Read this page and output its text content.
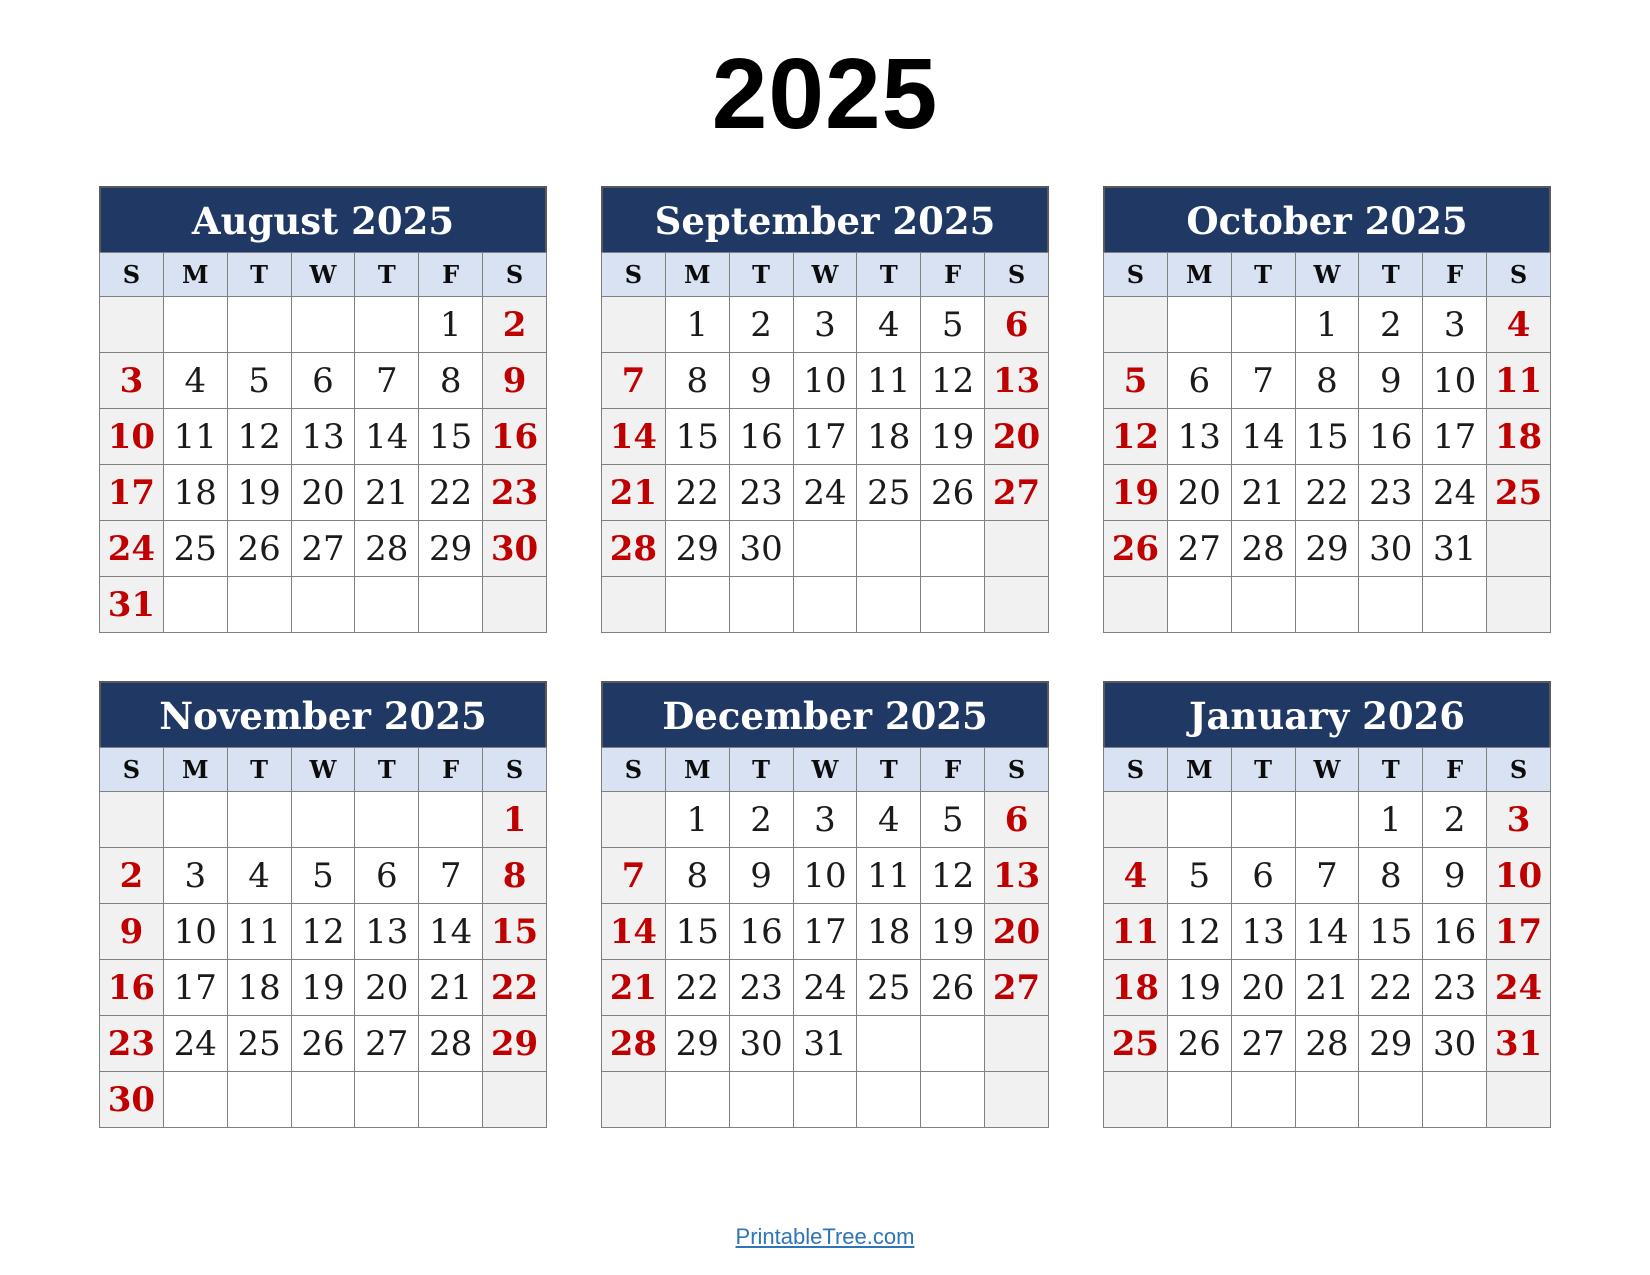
2025
August 2025
S	M	T	W	T	F	S
					1	2
3	4	5	6	7	8	9
10	11	12	13	14	15	16
17	18	19	20	21	22	23
24	25	26	27	28	29	30
31						
September 2025
S	M	T	W	T	F	S
	1	2	3	4	5	6
7	8	9	10	11	12	13
14	15	16	17	18	19	20
21	22	23	24	25	26	27
28	29	30				

October 2025
S	M	T	W	T	F	S
			1	2	3	4
5	6	7	8	9	10	11
12	13	14	15	16	17	18
19	20	21	22	23	24	25
26	27	28	29	30	31	

November 2025
S	M	T	W	T	F	S
						1
2	3	4	5	6	7	8
9	10	11	12	13	14	15
16	17	18	19	20	21	22
23	24	25	26	27	28	29
30						
December 2025
S	M	T	W	T	F	S
	1	2	3	4	5	6
7	8	9	10	11	12	13
14	15	16	17	18	19	20
21	22	23	24	25	26	27
28	29	30	31			

January 2026
S	M	T	W	T	F	S
				1	2	3
4	5	6	7	8	9	10
11	12	13	14	15	16	17
18	19	20	21	22	23	24
25	26	27	28	29	30	31

PrintableTree.com
